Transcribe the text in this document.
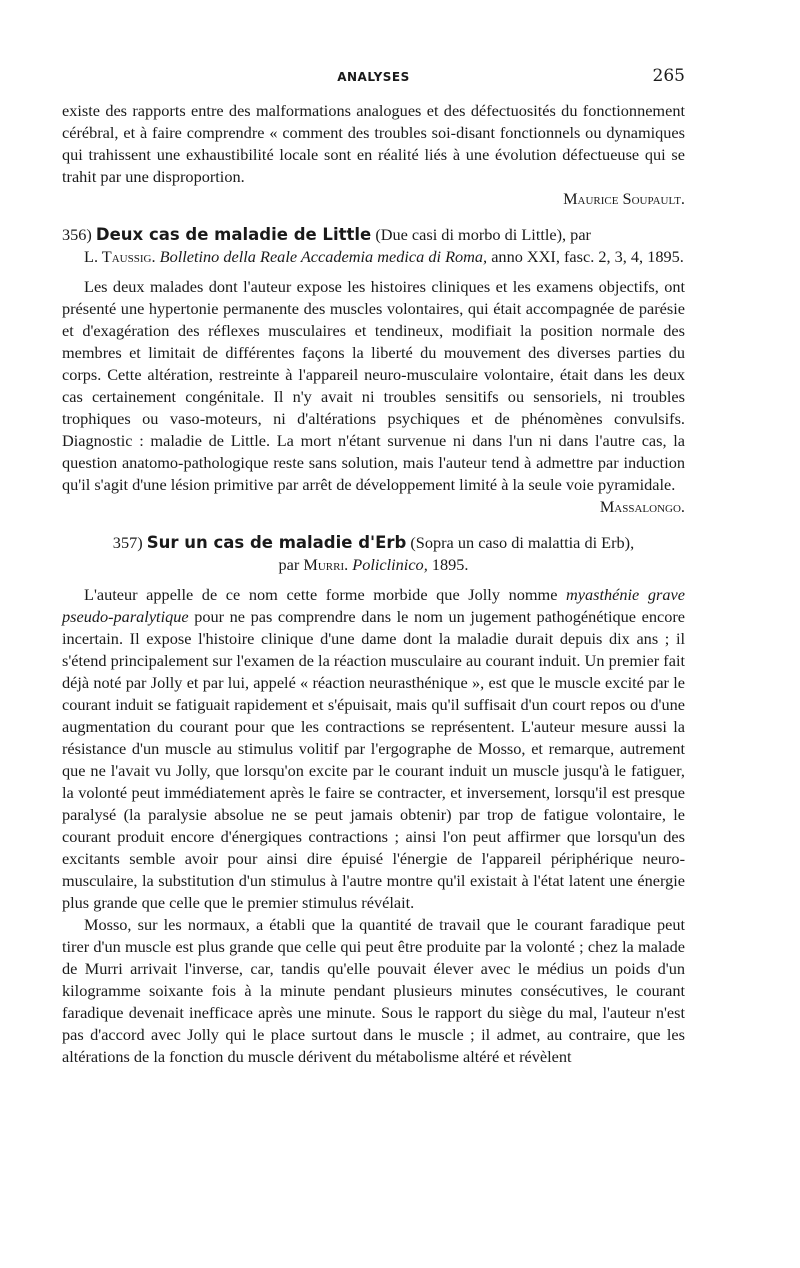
ANALYSES	265

existe des rapports entre des malformations analogues et des défectuosités du fonctionnement cérébral, et à faire comprendre « comment des troubles soi-disant fonctionnels ou dynamiques qui trahissent une exhaustibilité locale sont en réalité liés à une évolution défectueuse qui se trahit par une disproportion.
Maurice Soupault.

356) Deux cas de maladie de Little (Due casi di morbo di Little), par
L. Taussig. Bolletino della Reale Accademia medica di Roma, anno XXI, fasc. 2, 3, 4, 1895.

Les deux malades dont l'auteur expose les histoires cliniques et les examens objectifs, ont présenté une hypertonie permanente des muscles volontaires, qui était accompagnée de parésie et d'exagération des réflexes musculaires et tendineux, modifiait la position normale des membres et limitait de différentes façons la liberté du mouvement des diverses parties du corps. Cette altération, restreinte à l'appareil neuro-musculaire volontaire, était dans les deux cas certainement congénitale. Il n'y avait ni troubles sensitifs ou sensoriels, ni troubles trophiques ou vaso-moteurs, ni d'altérations psychiques et de phénomènes convulsifs. Diagnostic : maladie de Little. La mort n'étant survenue ni dans l'un ni dans l'autre cas, la question anatomo-pathologique reste sans solution, mais l'auteur tend à admettre par induction qu'il s'agit d'une lésion primitive par arrêt de développement limité à la seule voie pyramidale.
Massalongo.

357) Sur un cas de maladie d'Erb (Sopra un caso di malattia di Erb),
par Murri. Policlinico, 1895.

L'auteur appelle de ce nom cette forme morbide que Jolly nomme myasthénie grave pseudo-paralytique pour ne pas comprendre dans le nom un jugement pathogénétique encore incertain. Il expose l'histoire clinique d'une dame dont la maladie durait depuis dix ans ; il s'étend principalement sur l'examen de la réaction musculaire au courant induit. Un premier fait déjà noté par Jolly et par lui, appelé « réaction neurasthénique », est que le muscle excité par le courant induit se fatiguait rapidement et s'épuisait, mais qu'il suffisait d'un court repos ou d'une augmentation du courant pour que les contractions se représentent. L'auteur mesure aussi la résistance d'un muscle au stimulus volitif par l'ergographe de Mosso, et remarque, autrement que ne l'avait vu Jolly, que lorsqu'on excite par le courant induit un muscle jusqu'à le fatiguer, la volonté peut immédiatement après le faire se contracter, et inversement, lorsqu'il est presque paralysé (la paralysie absolue ne se peut jamais obtenir) par trop de fatigue volontaire, le courant produit encore d'énergiques contractions ; ainsi l'on peut affirmer que lorsqu'un des excitants semble avoir pour ainsi dire épuisé l'énergie de l'appareil périphérique neuro-musculaire, la substitution d'un stimulus à l'autre montre qu'il existait à l'état latent une énergie plus grande que celle que le premier stimulus révélait.

Mosso, sur les normaux, a établi que la quantité de travail que le courant faradique peut tirer d'un muscle est plus grande que celle qui peut être produite par la volonté ; chez la malade de Murri arrivait l'inverse, car, tandis qu'elle pouvait élever avec le médius un poids d'un kilogramme soixante fois à la minute pendant plusieurs minutes consécutives, le courant faradique devenait inefficace après une minute. Sous le rapport du siège du mal, l'auteur n'est pas d'accord avec Jolly qui le place surtout dans le muscle ; il admet, au contraire, que les altérations de la fonction du muscle dérivent du métabolisme altéré et révèlent
